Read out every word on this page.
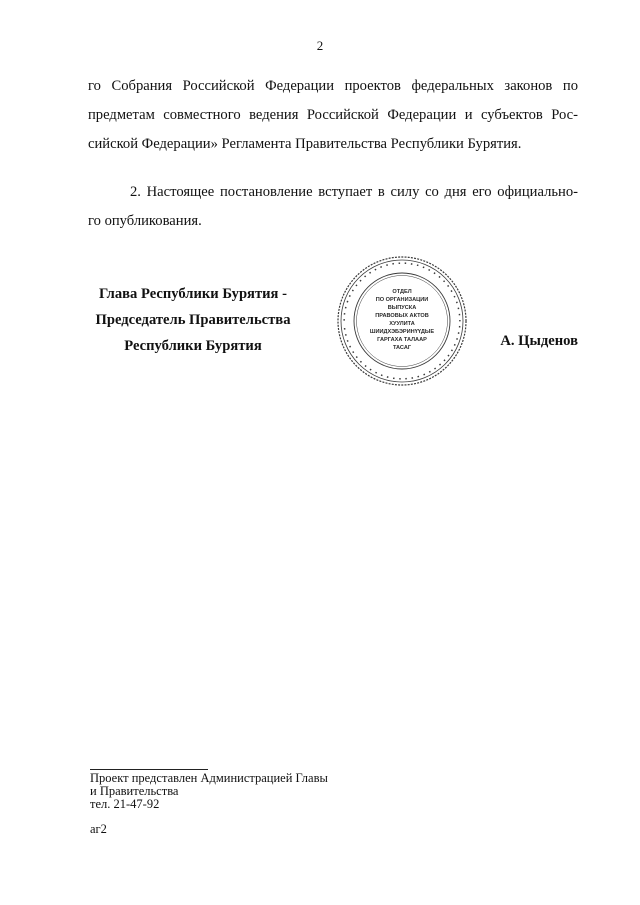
2

го Собрания Российской Федерации проектов федеральных законов по
предметам совместного ведения Российской Федерации и субъектов Рос-
сийской Федерации» Регламента Правительства Республики Бурятия.

2. Настоящее постановление вступает в силу со дня его официально-
го опубликования.

Глава Республики Бурятия -
Председатель Правительства
Республики Бурятия
▪▪▪▪▪▪▪▪▪▪▪▪▪▪▪▪▪▪▪▪▪▪▪▪▪▪▪▪▪▪▪▪▪▪▪▪▪▪▪▪▪▪▪▪▪▪▪▪▪▪▪▪▪▪▪▪▪▪
ОТДЕЛ
ПО ОРГАНИЗАЦИИ
ВЫПУСКА
ПРАВОВЫХ АКТОВ
ХУУЛИТА
ШИИДХЭБЭРИНҮҮДЫЕ
ГАРГАХА ТАЛААР
ТАСАГ	А. Цыденов
Проект представлен Администрацией Главы
и Правительства
тел. 21-47-92
аг2
